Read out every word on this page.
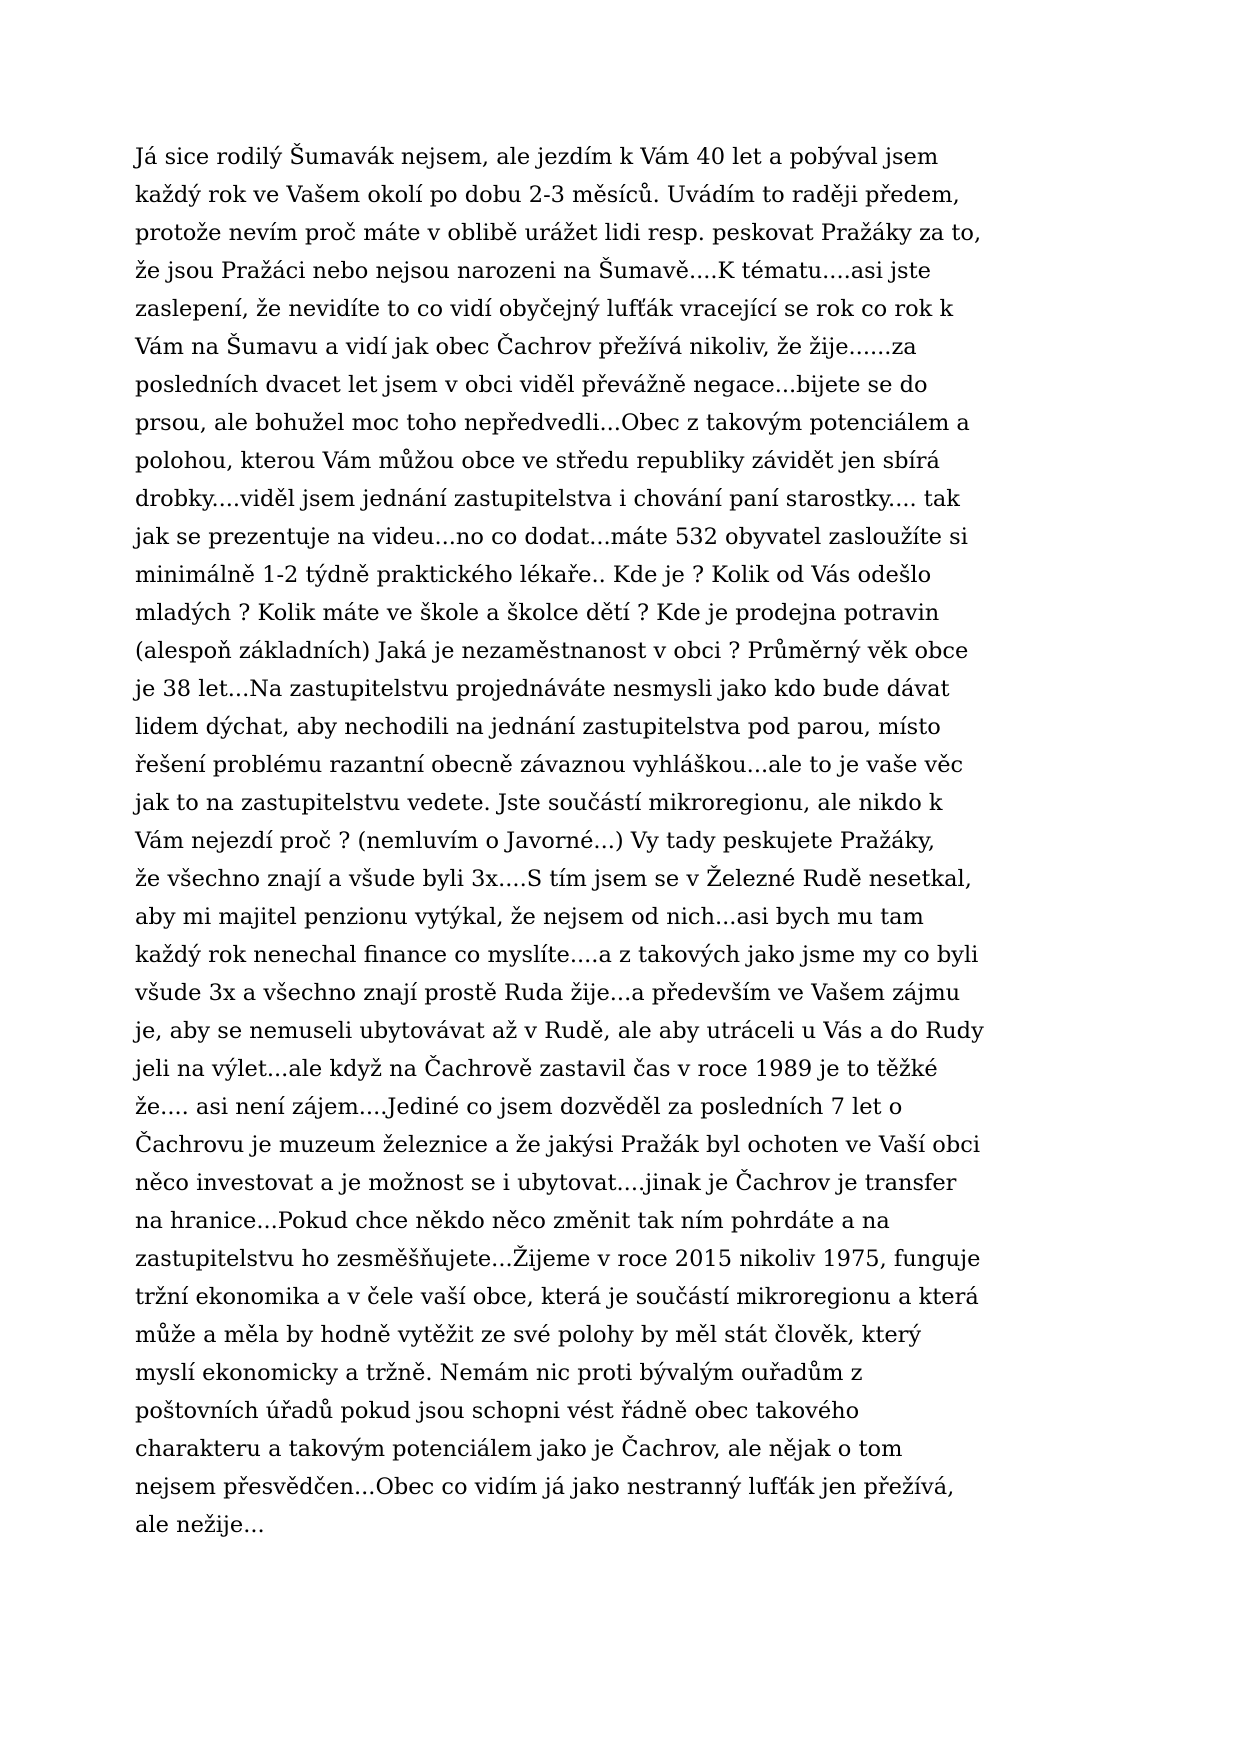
Já sice rodilý Šumavák nejsem, ale jezdím k Vám 40 let a pobýval jsem
každý rok ve Vašem okolí po dobu 2-3 měsíců. Uvádím to raději předem,
protože nevím proč máte v oblibě urážet lidi resp. peskovat Pražáky za to,
že jsou Pražáci nebo nejsou narozeni na Šumavě....K tématu....asi jste
zaslepení, že nevidíte to co vidí obyčejný lufťák vracející se rok co rok k
Vám na Šumavu a vidí jak obec Čachrov přežívá nikoliv, že žije......za
posledních dvacet let jsem v obci viděl převážně negace...bijete se do
prsou, ale bohužel moc toho nepředvedli...Obec z takovým potenciálem a
polohou, kterou Vám můžou obce ve středu republiky závidět jen sbírá
drobky....viděl jsem jednání zastupitelstva i chování paní starostky.... tak
jak se prezentuje na videu...no co dodat...máte 532 obyvatel zasloužíte si
minimálně 1-2 týdně praktického lékaře.. Kde je ? Kolik od Vás odešlo
mladých ? Kolik máte ve škole a školce dětí ? Kde je prodejna potravin
(alespoň základních) Jaká je nezaměstnanost v obci ? Průměrný věk obce
je 38 let...Na zastupitelstvu projednáváte nesmysli jako kdo bude dávat
lidem dýchat, aby nechodili na jednání zastupitelstva pod parou, místo
řešení problému razantní obecně závaznou vyhláškou...ale to je vaše věc
jak to na zastupitelstvu vedete. Jste součástí mikroregionu, ale nikdo k
Vám nejezdí proč ? (nemluvím o Javorné...) Vy tady peskujete Pražáky,
že všechno znají a všude byli 3x....S tím jsem se v Železné Rudě nesetkal,
aby mi majitel penzionu vytýkal, že nejsem od nich...asi bych mu tam
každý rok nenechal finance co myslíte....a z takových jako jsme my co byli
všude 3x a všechno znají prostě Ruda žije...a především ve Vašem zájmu
je, aby se nemuseli ubytovávat až v Rudě, ale aby utráceli u Vás a do Rudy
jeli na výlet...ale když na Čachrově zastavil čas v roce 1989 je to těžké
že.... asi není zájem....Jediné co jsem dozvěděl za posledních 7 let o
Čachrovu je muzeum železnice a že jakýsi Pražák byl ochoten ve Vaší obci
něco investovat a je možnost se i ubytovat....jinak je Čachrov je transfer
na hranice...Pokud chce někdo něco změnit tak ním pohrdáte a na
zastupitelstvu ho zesměšňujete...Žijeme v roce 2015 nikoliv 1975, funguje
tržní ekonomika a v čele vaší obce, která je součástí mikroregionu a která
může a měla by hodně vytěžit ze své polohy by měl stát člověk, který
myslí ekonomicky a tržně. Nemám nic proti bývalým ouřadům z
poštovních úřadů pokud jsou schopni vést řádně obec takového
charakteru a takovým potenciálem jako je Čachrov, ale nějak o tom
nejsem přesvědčen...Obec co vidím já jako nestranný lufťák jen přežívá,
ale nežije...
